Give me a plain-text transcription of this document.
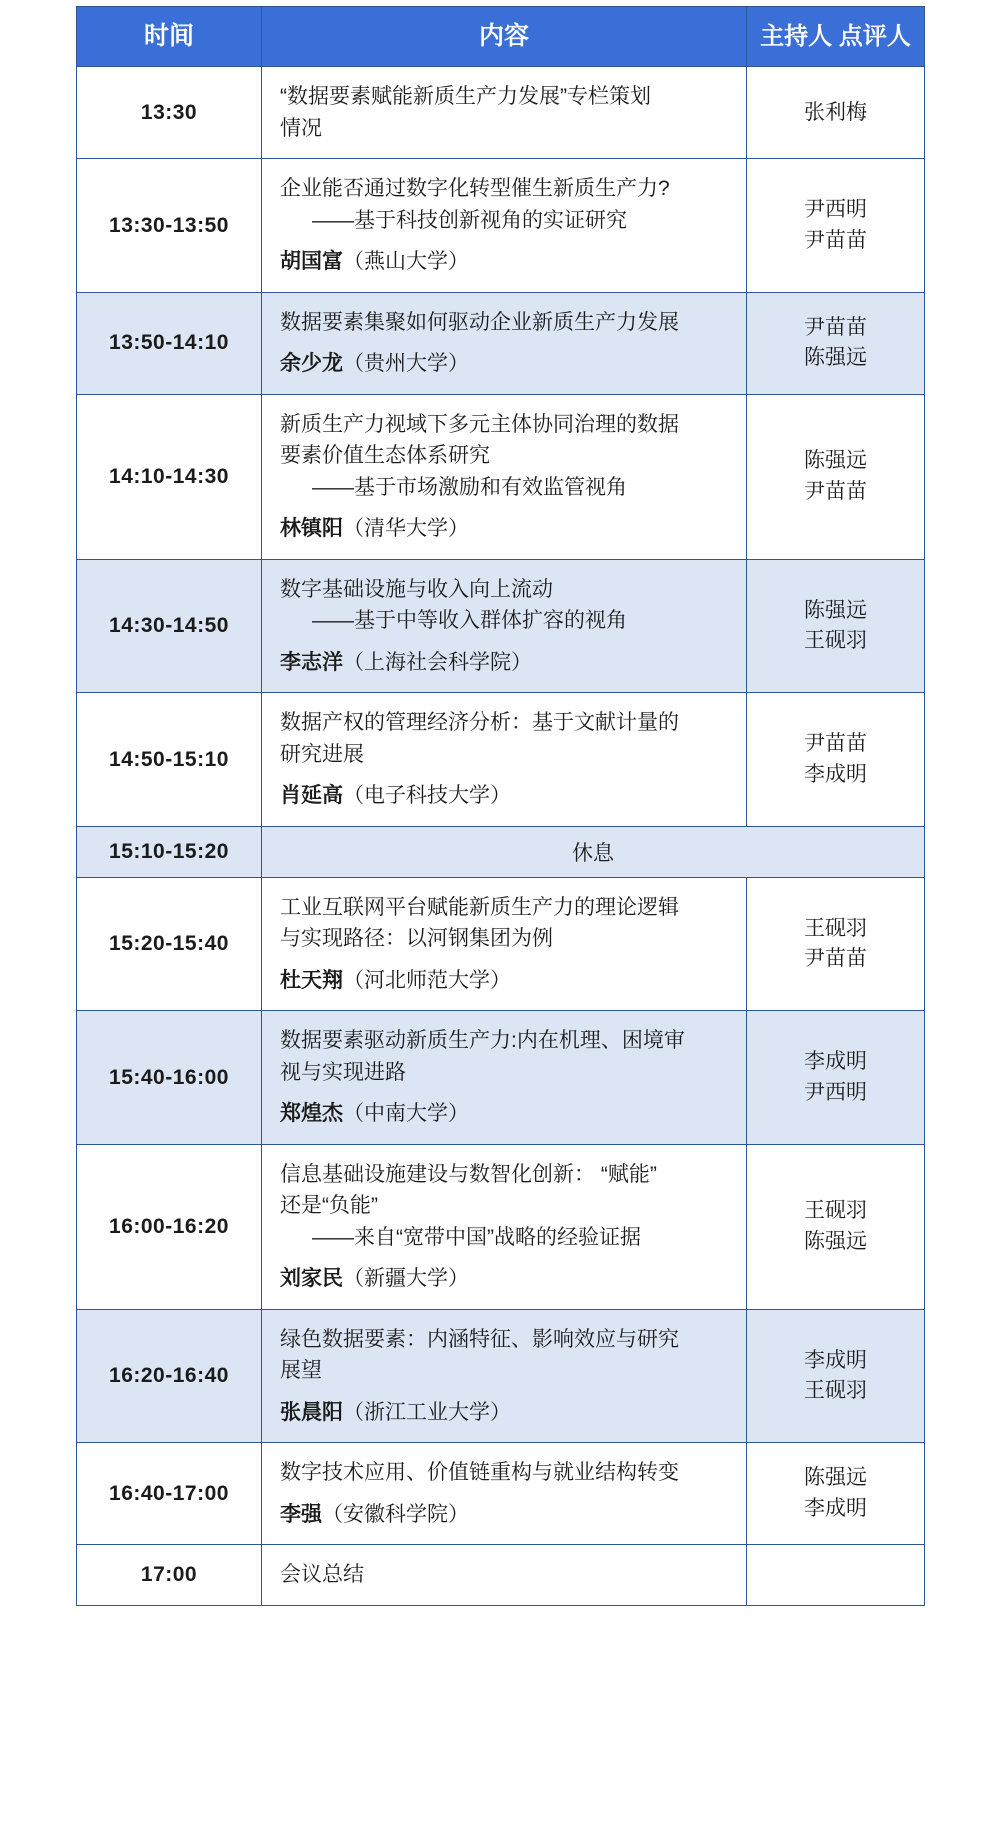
时间	内容	主持人 点评人
13:30	“数据要素赋能新质生产力发展”专栏策划
情况	张利梅

13:30-13:50	企业能否通过数字化转型催生新质生产力?
——基于科技创新视角的实证研究
胡国富（燕山大学）	尹西明
尹苗苗

13:50-14:10	数据要素集聚如何驱动企业新质生产力发展
余少龙（贵州大学）	尹苗苗
陈强远

14:10-14:30	新质生产力视域下多元主体协同治理的数据
要素价值生态体系研究
——基于市场激励和有效监管视角
林镇阳（清华大学）	陈强远
尹苗苗

14:30-14:50	数字基础设施与收入向上流动
——基于中等收入群体扩容的视角
李志洋（上海社会科学院）	陈强远
王砚羽

14:50-15:10	数据产权的管理经济分析：基于文献计量的
研究进展
肖延高（电子科技大学）	尹苗苗
李成明

15:10-15:20	休息	
15:20-15:40	工业互联网平台赋能新质生产力的理论逻辑
与实现路径：以河钢集团为例
杜天翔（河北师范大学）	王砚羽
尹苗苗

15:40-16:00	数据要素驱动新质生产力:内在机理、困境审
视与实现进路
郑煌杰（中南大学）	李成明
尹西明

16:00-16:20	信息基础设施建设与数智化创新： “赋能”
还是“负能”
——来自“宽带中国”战略的经验证据
刘家民（新疆大学）	王砚羽
陈强远

16:20-16:40	绿色数据要素：内涵特征、影响效应与研究
展望
张晨阳（浙江工业大学）	李成明
王砚羽

16:40-17:00	数字技术应用、价值链重构与就业结构转变
李强（安徽科学院）	陈强远
李成明

17:00	会议总结	
